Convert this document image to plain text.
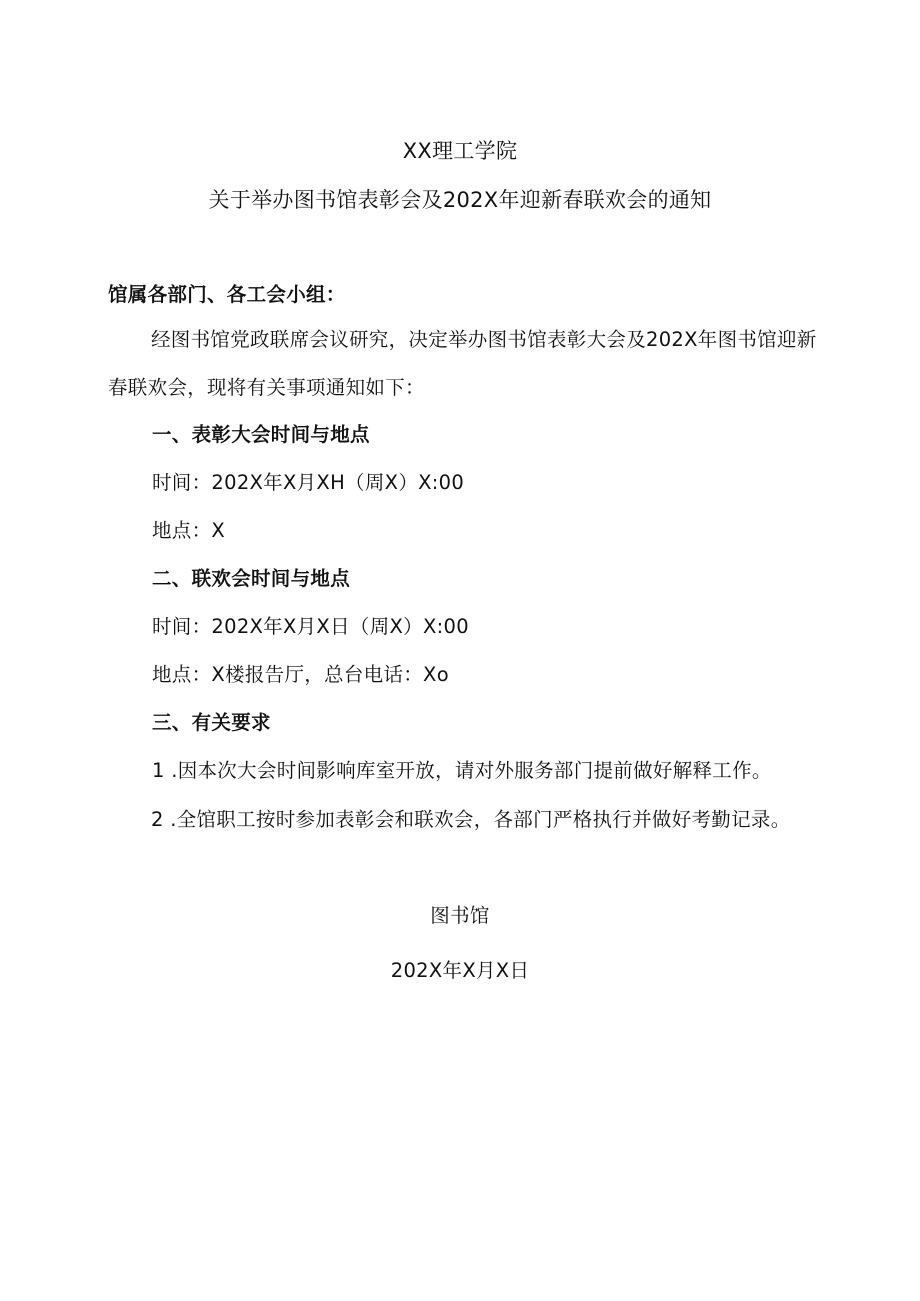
XX理工学院
关于举办图书馆表彰会及202X年迎新春联欢会的通知
馆属各部门、各工会小组：
经图书馆党政联席会议研究，决定举办图书馆表彰大会及202X年图书馆迎新春联欢会，现将有关事项通知如下：
一、表彰大会时间与地点
时间：202X年X月XH（周X）X:00
地点：X
二、联欢会时间与地点
时间：202X年X月X日（周X）X:00
地点：X楼报告厅，总台电话：Xo
三、有关要求
1 .因本次大会时间影响库室开放，请对外服务部门提前做好解释工作。
2 .全馆职工按时参加表彰会和联欢会，各部门严格执行并做好考勤记录。
图书馆
202X年X月X日
